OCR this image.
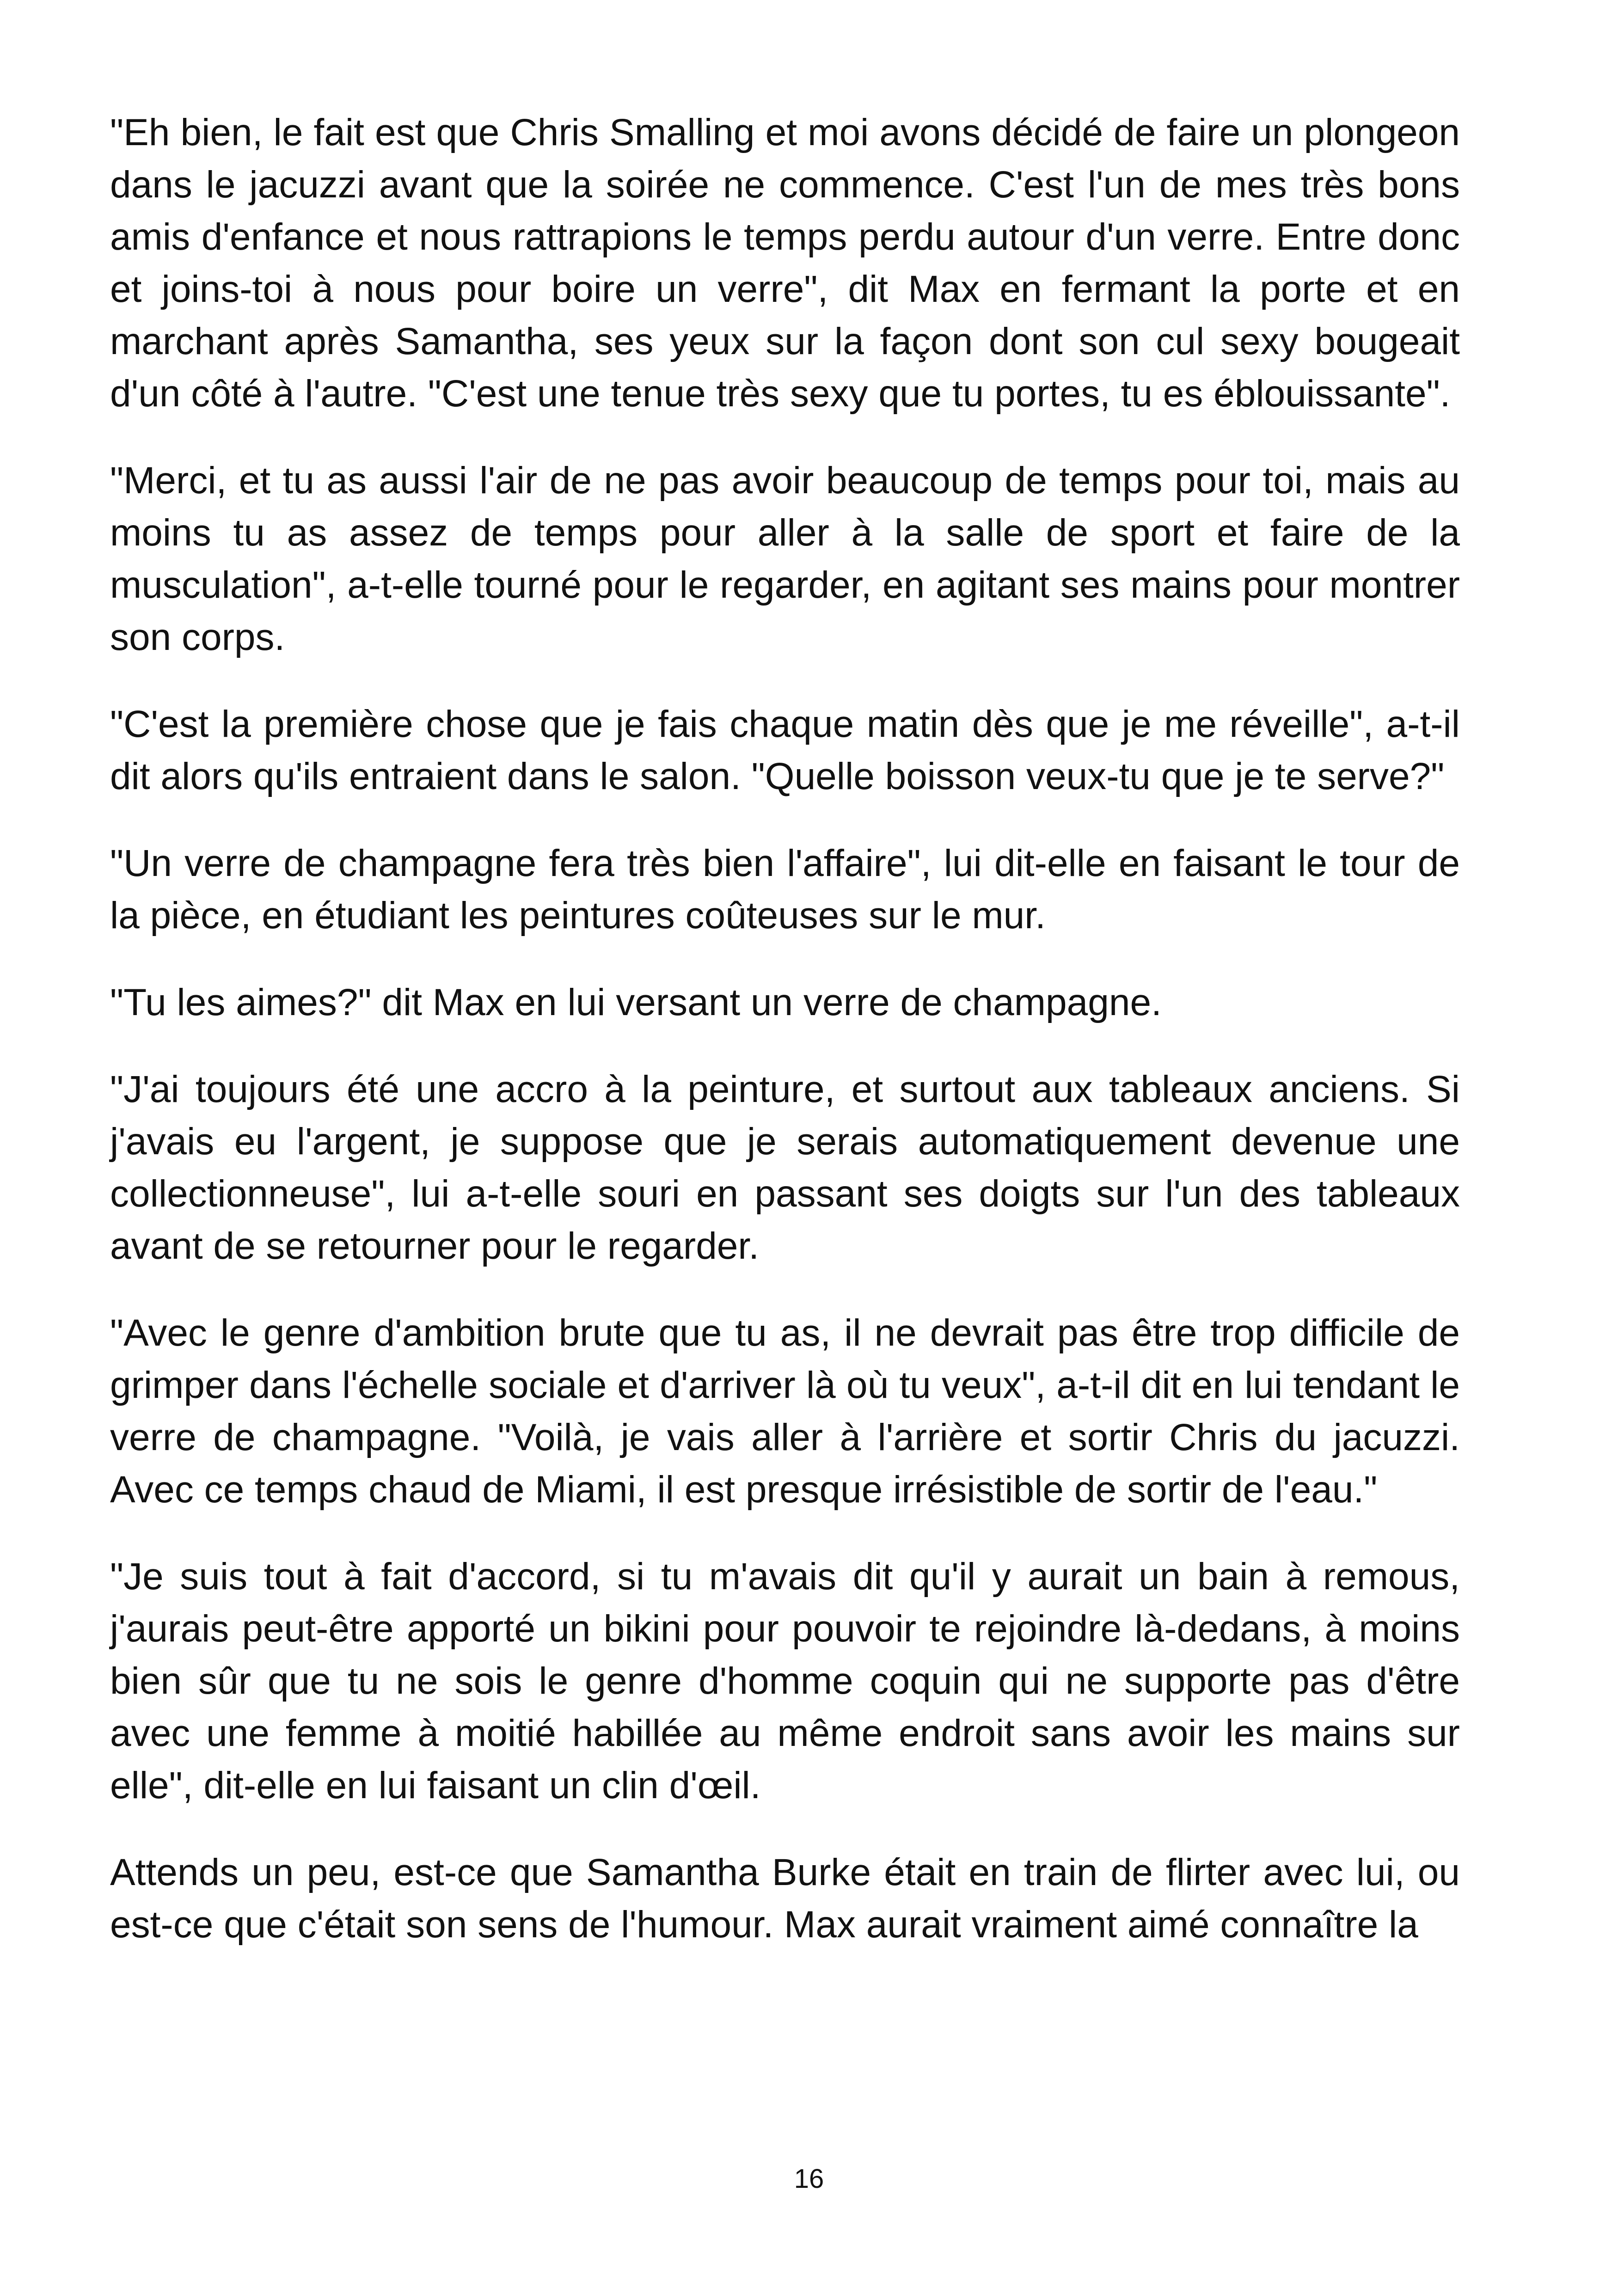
"Eh bien, le fait est que Chris Smalling et moi avons décidé de faire un plongeon dans le jacuzzi avant que la soirée ne commence. C'est l'un de mes très bons amis d'enfance et nous rattrapions le temps perdu autour d'un verre. Entre donc et joins-toi à nous pour boire un verre", dit Max en fermant la porte et en marchant après Samantha, ses yeux sur la façon dont son cul sexy bougeait d'un côté à l'autre. "C'est une tenue très sexy que tu portes, tu es éblouissante".

"Merci, et tu as aussi l'air de ne pas avoir beaucoup de temps pour toi, mais au moins tu as assez de temps pour aller à la salle de sport et faire de la musculation", a-t-elle tourné pour le regarder, en agitant ses mains pour montrer son corps.

"C'est la première chose que je fais chaque matin dès que je me réveille", a-t-il dit alors qu'ils entraient dans le salon. "Quelle boisson veux-tu que je te serve?"

"Un verre de champagne fera très bien l'affaire", lui dit-elle en faisant le tour de la pièce, en étudiant les peintures coûteuses sur le mur.

"Tu les aimes?" dit Max en lui versant un verre de champagne.

"J'ai toujours été une accro à la peinture, et surtout aux tableaux anciens. Si j'avais eu l'argent, je suppose que je serais automatiquement devenue une collectionneuse", lui a-t-elle souri en passant ses doigts sur l'un des tableaux avant de se retourner pour le regarder.

"Avec le genre d'ambition brute que tu as, il ne devrait pas être trop difficile de grimper dans l'échelle sociale et d'arriver là où tu veux", a-t-il dit en lui tendant le verre de champagne. "Voilà, je vais aller à l'arrière et sortir Chris du jacuzzi. Avec ce temps chaud de Miami, il est presque irrésistible de sortir de l'eau."

"Je suis tout à fait d'accord, si tu m'avais dit qu'il y aurait un bain à remous, j'aurais peut-être apporté un bikini pour pouvoir te rejoindre là-dedans, à moins bien sûr que tu ne sois le genre d'homme coquin qui ne supporte pas d'être avec une femme à moitié habillée au même endroit sans avoir les mains sur elle", dit-elle en lui faisant un clin d'œil.

Attends un peu, est-ce que Samantha Burke était en train de flirter avec lui, ou est-ce que c'était son sens de l'humour. Max aurait vraiment aimé connaître la

16
